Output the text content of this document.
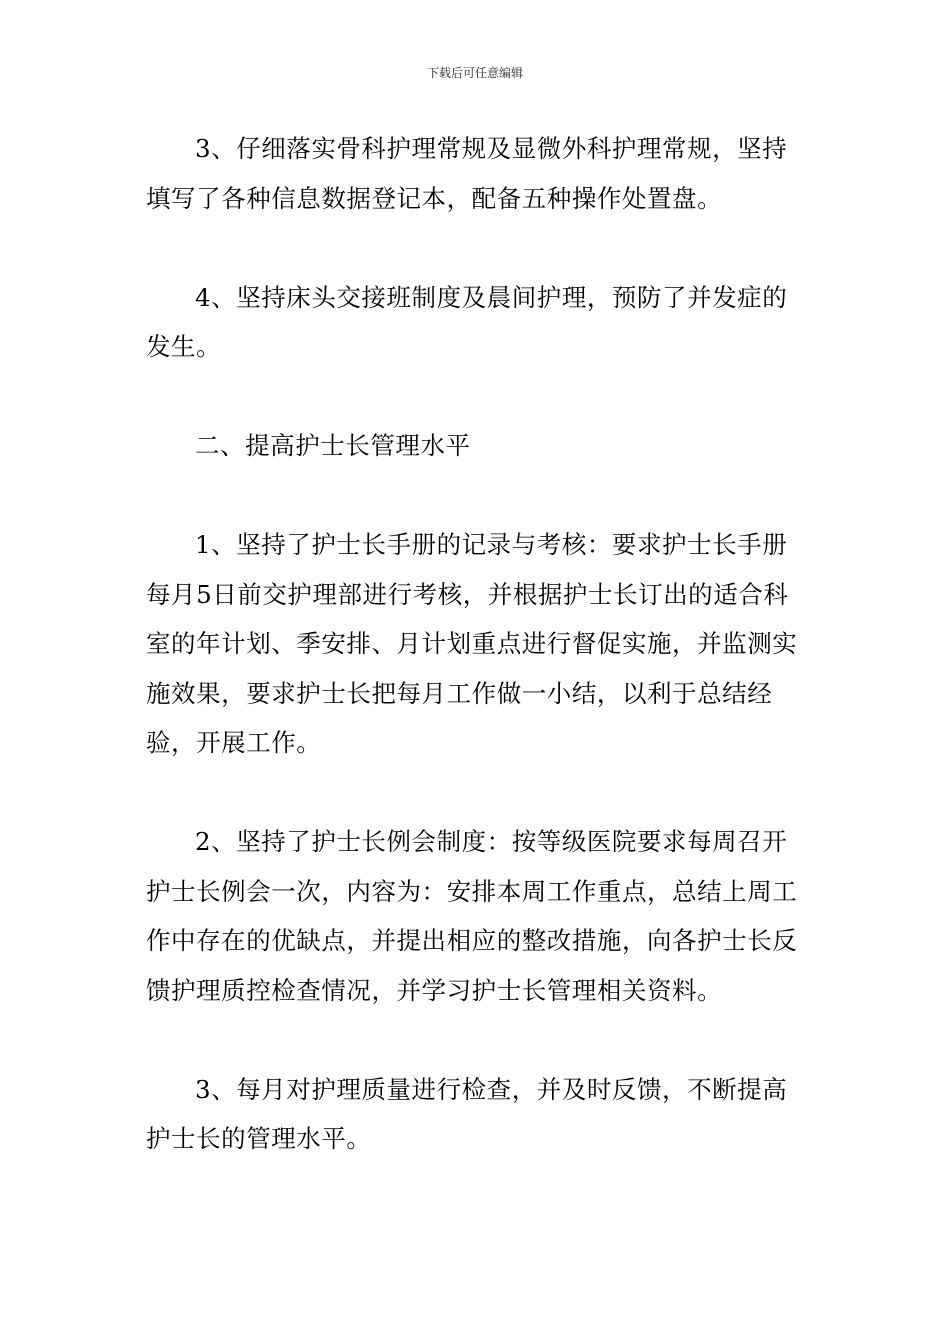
下载后可任意编辑

3、仔细落实骨科护理常规及显微外科护理常规，坚持填写了各种信息数据登记本，配备五种操作处置盘。

4、坚持床头交接班制度及晨间护理，预防了并发症的发生。

二、提高护士长管理水平

1、坚持了护士长手册的记录与考核：要求护士长手册每月5日前交护理部进行考核，并根据护士长订出的适合科室的年计划、季安排、月计划重点进行督促实施，并监测实施效果，要求护士长把每月工作做一小结，以利于总结经验，开展工作。

2、坚持了护士长例会制度：按等级医院要求每周召开护士长例会一次，内容为：安排本周工作重点，总结上周工作中存在的优缺点，并提出相应的整改措施，向各护士长反馈护理质控检查情况，并学习护士长管理相关资料。

3、每月对护理质量进行检查，并及时反馈，不断提高护士长的管理水平。
